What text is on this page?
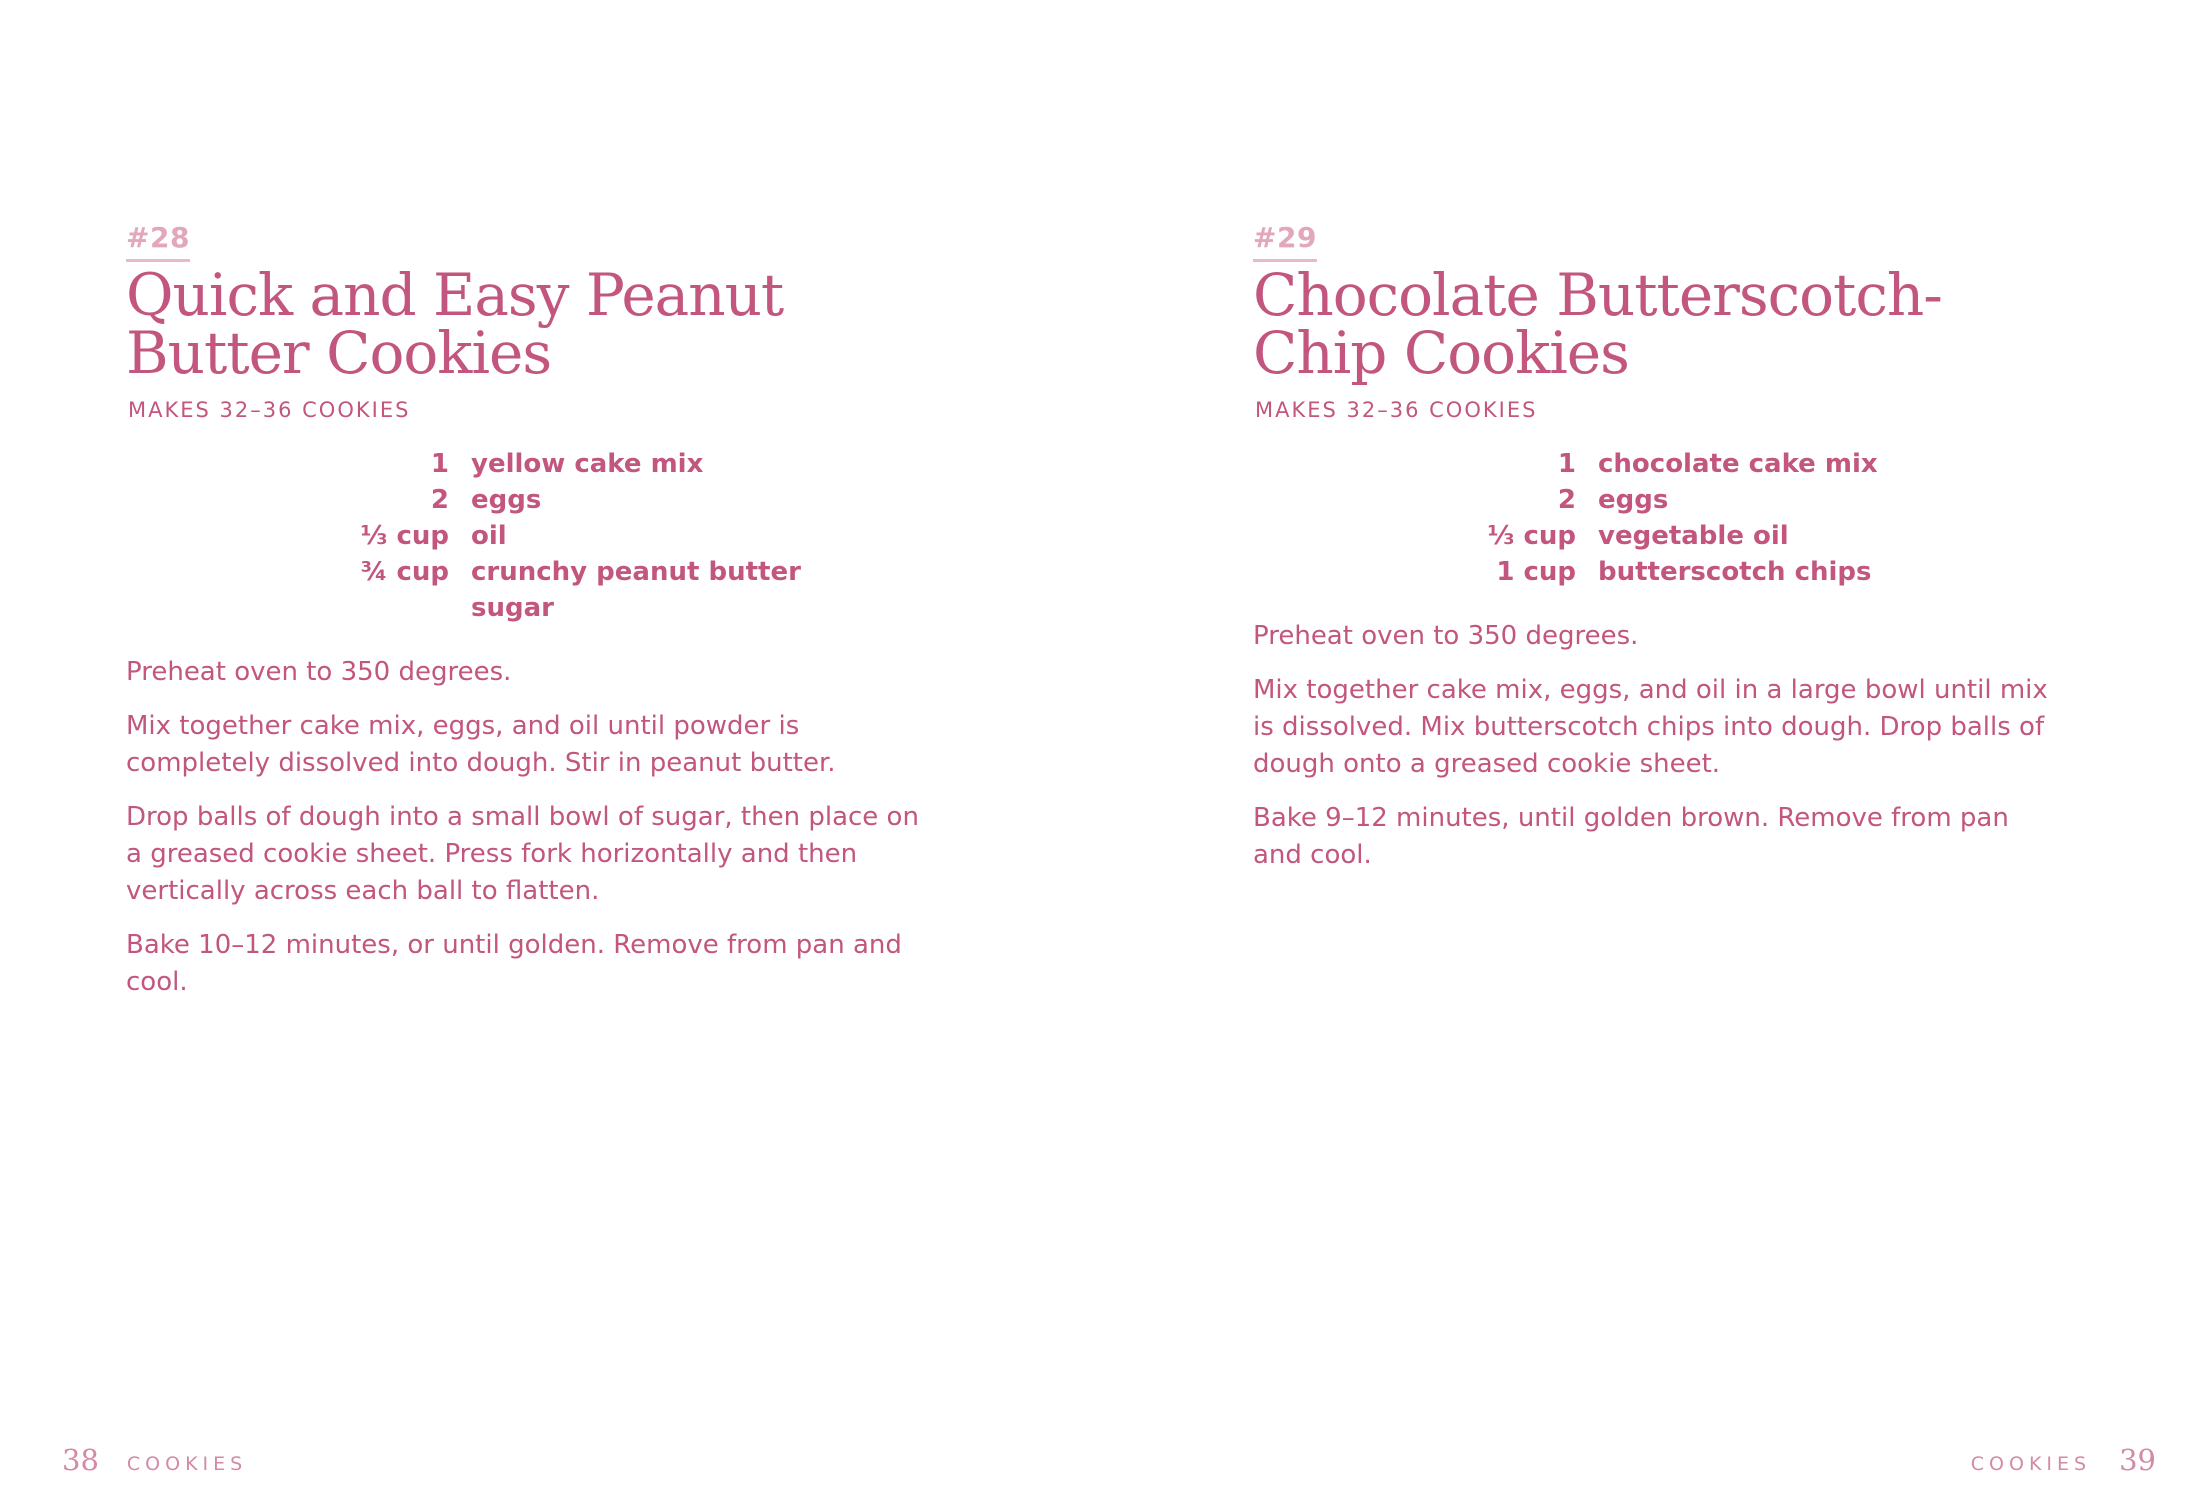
#28
Quick and Easy Peanut
Butter Cookies
MAKES 32–36 COOKIES
1 yellow cake mix
2 eggs
⅓ cup oil
¾ cup crunchy peanut butter
sugar

Preheat oven to 350 degrees.

Mix together cake mix, eggs, and oil until powder is completely dissolved into dough. Stir in peanut butter.

Drop balls of dough into a small bowl of sugar, then place on a greased cookie sheet. Press fork horizontally and then vertically across each ball to flatten.

Bake 10–12 minutes, or until golden. Remove from pan and cool.

38 COOKIES
#29
Chocolate Butterscotch-
Chip Cookies
MAKES 32–36 COOKIES
1 chocolate cake mix
2 eggs
⅓ cup vegetable oil
1 cup butterscotch chips

Preheat oven to 350 degrees.

Mix together cake mix, eggs, and oil in a large bowl until mix is dissolved. Mix butterscotch chips into dough. Drop balls of dough onto a greased cookie sheet.

Bake 9–12 minutes, until golden brown. Remove from pan and cool.

COOKIES 39
